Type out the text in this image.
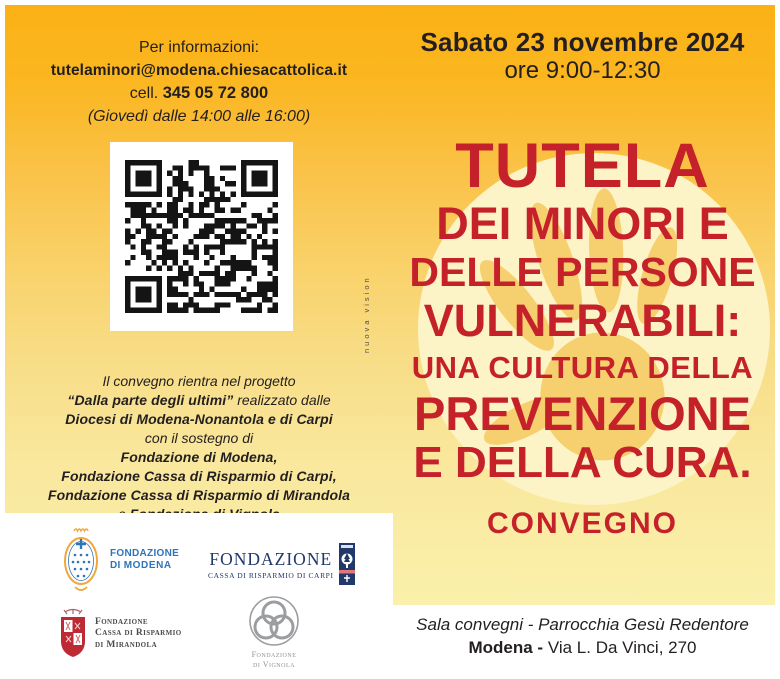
Per informazioni:
tutelaminori@modena.chiesacattolica.it
cell. 345 05 72 800
(Giovedì dalle 14:00 alle 16:00)
Il convegno rientra nel progetto
“Dalla parte degli ultimi” realizzato dalle
Diocesi di Modena-Nonantola e di Carpi
con il sostegno di
Fondazione di Modena,
Fondazione Cassa di Risparmio di Carpi,
Fondazione Cassa di Risparmio di Mirandola
FONDAZIONE
DI MODENA	FONDAZIONE
CASSA DI RISPARMIO DI CARPI
Fondazione
Cassa di Risparmio
di Mirandola
Fondazione
di Vignola
nuova vision
Sabato 23 novembre 2024
ore 9:00-12:30
TUTELA
DEI MINORI E
DELLE PERSONE
VULNERABILI:
UNA CULTURA DELLA
PREVENZIONE
E DELLA CURA.
CONVEGNO
Sala convegni - Parrocchia Gesù Redentore
Modena - Via L. Da Vinci, 270
